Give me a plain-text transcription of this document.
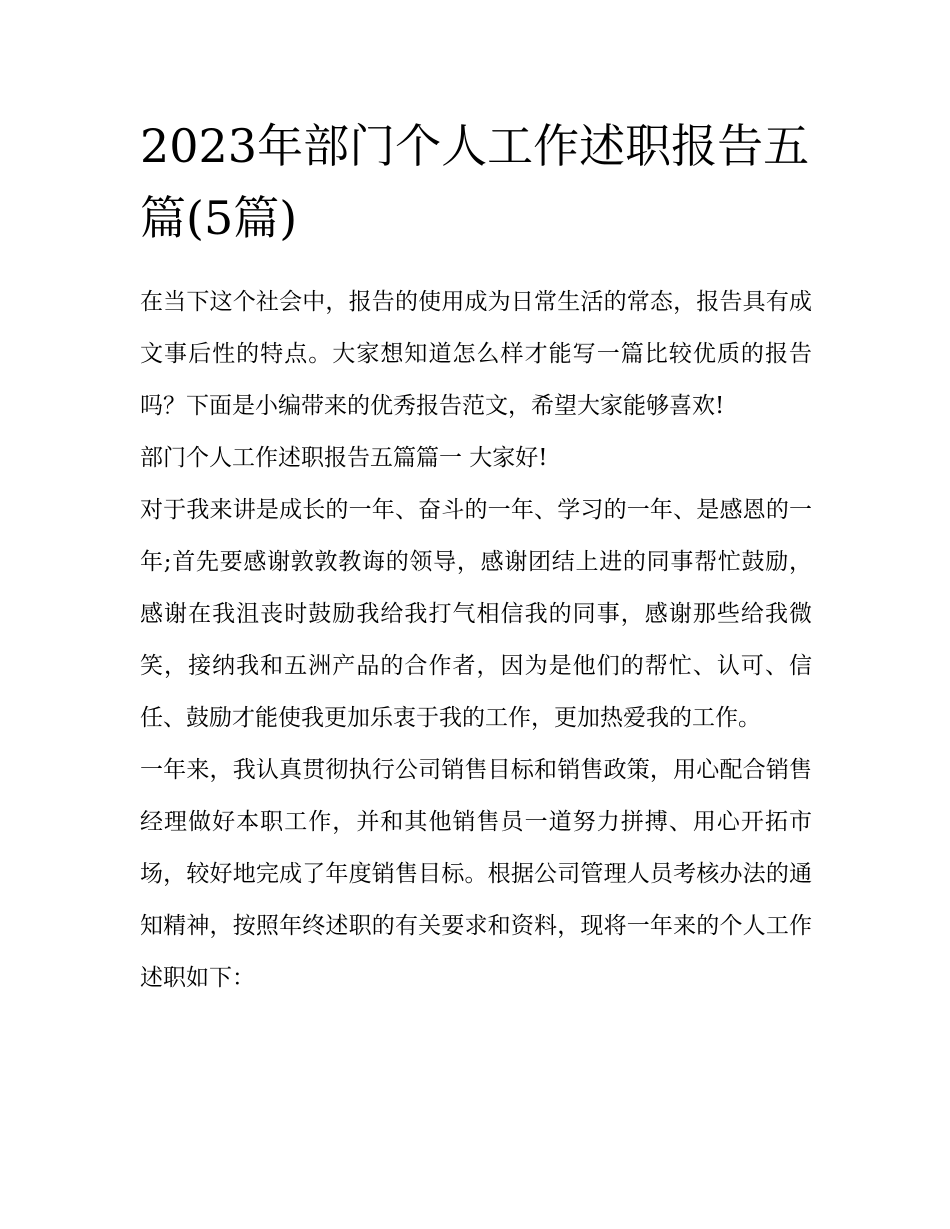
2023年部门个人工作述职报告五篇(5篇)

在当下这个社会中，报告的使用成为日常生活的常态，报告具有成文事后性的特点。大家想知道怎么样才能写一篇比较优质的报告吗？下面是小编带来的优秀报告范文，希望大家能够喜欢!

部门个人工作述职报告五篇篇一 大家好!

对于我来讲是成长的一年、奋斗的一年、学习的一年、是感恩的一年;首先要感谢敦敦教诲的领导，感谢团结上进的同事帮忙鼓励，感谢在我沮丧时鼓励我给我打气相信我的同事，感谢那些给我微笑，接纳我和五洲产品的合作者，因为是他们的帮忙、认可、信任、鼓励才能使我更加乐衷于我的工作，更加热爱我的工作。

一年来，我认真贯彻执行公司销售目标和销售政策，用心配合销售经理做好本职工作，并和其他销售员一道努力拼搏、用心开拓市场，较好地完成了年度销售目标。根据公司管理人员考核办法的通知精神，按照年终述职的有关要求和资料，现将一年来的个人工作述职如下：
